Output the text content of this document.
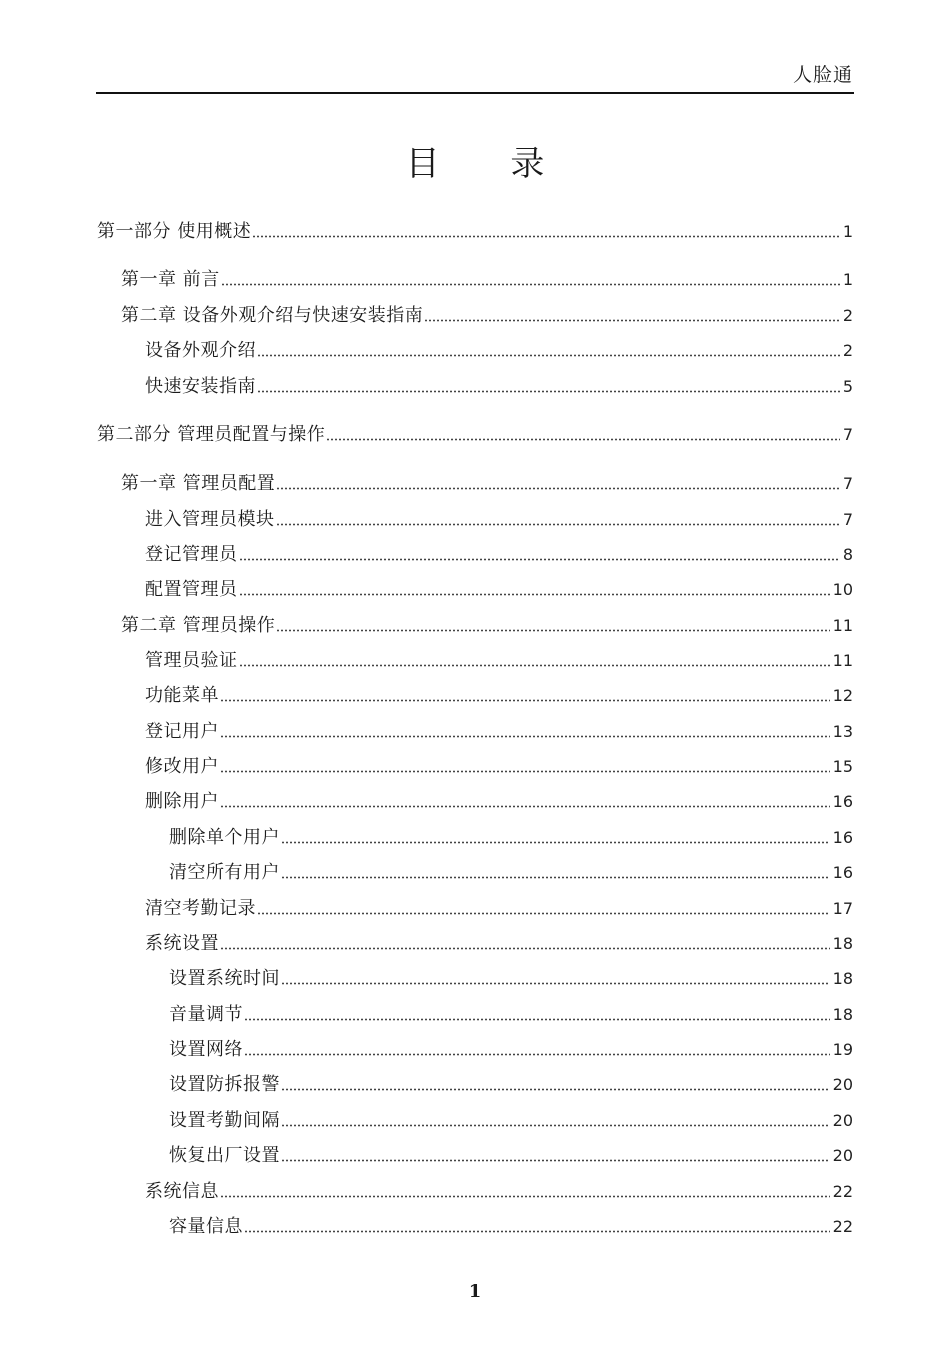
人脸通
目 录
第一部分 使用概述	1
第一章 前言	1
第二章 设备外观介绍与快速安装指南	2
设备外观介绍	2
快速安装指南	5
第二部分 管理员配置与操作	7
第一章 管理员配置	7
进入管理员模块	7
登记管理员	8
配置管理员	10
第二章 管理员操作	11
管理员验证	11
功能菜单	12
登记用户	13
修改用户	15
删除用户	16
删除单个用户	16
清空所有用户	16
清空考勤记录	17
系统设置	18
设置系统时间	18
音量调节	18
设置网络	19
设置防拆报警	20
设置考勤间隔	20
恢复出厂设置	20
系统信息	22
容量信息	22
1
